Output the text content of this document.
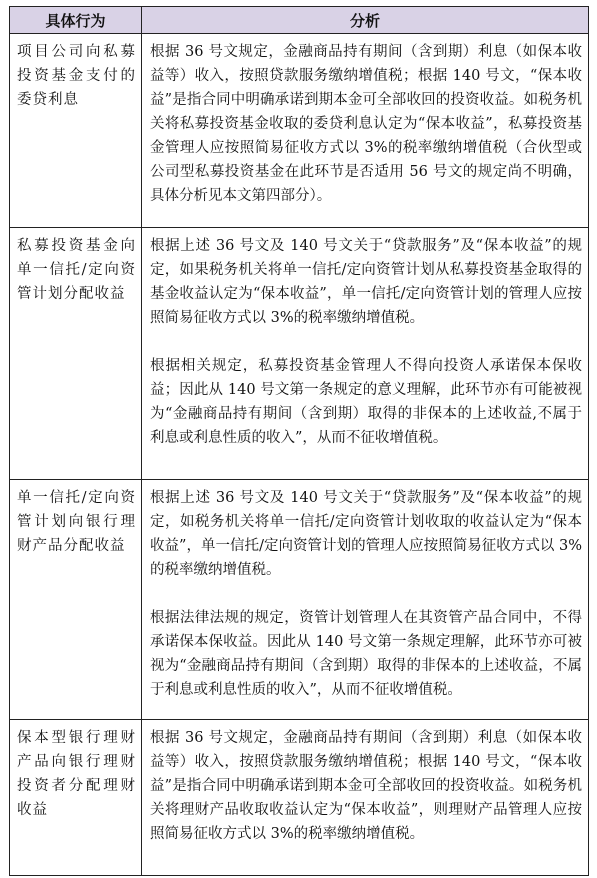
具体行为	分析
项目公司向私募投资基金支付的委贷利息	根据 36 号文规定，金融商品持有期间（含到期）利息（如保本收益等）收入，按照贷款服务缴纳增值税；根据 140 号文，“保本收益”是指合同中明确承诺到期本金可全部收回的投资收益。如税务机关将私募投资基金收取的委贷利息认定为“保本收益”，私募投资基金管理人应按照简易征收方式以 3%的税率缴纳增值税（合伙型或公司型私募投资基金在此环节是否适用 56 号文的规定尚不明确，具体分析见本文第四部分）。

私募投资基金向单一信托/定向资管计划分配收益	根据上述 36 号文及 140 号文关于“贷款服务”及“保本收益”的规定，如果税务机关将单一信托/定向资管计划从私募投资基金取得的基金收益认定为“保本收益”，单一信托/定向资管计划的管理人应按照简易征收方式以 3%的税率缴纳增值税。

根据相关规定，私募投资基金管理人不得向投资人承诺保本保收益；因此从 140 号文第一条规定的意义理解，此环节亦有可能被视为“金融商品持有期间（含到期）取得的非保本的上述收益,不属于利息或利息性质的收入”，从而不征收增值税。

单一信托/定向资管计划向银行理财产品分配收益	根据上述 36 号文及 140 号文关于“贷款服务”及“保本收益”的规定，如税务机关将单一信托/定向资管计划收取的收益认定为“保本收益”，单一信托/定向资管计划的管理人应按照简易征收方式以 3%的税率缴纳增值税。

根据法律法规的规定，资管计划管理人在其资管产品合同中，不得承诺保本保收益。因此从 140 号文第一条规定理解，此环节亦可被视为“金融商品持有期间（含到期）取得的非保本的上述收益，不属于利息或利息性质的收入”，从而不征收增值税。

保本型银行理财产品向银行理财投资者分配理财收益	根据 36 号文规定，金融商品持有期间（含到期）利息（如保本收益等）收入，按照贷款服务缴纳增值税；根据 140 号文，“保本收益”是指合同中明确承诺到期本金可全部收回的投资收益。如税务机关将理财产品收取收益认定为“保本收益”，则理财产品管理人应按照简易征收方式以 3%的税率缴纳增值税。
